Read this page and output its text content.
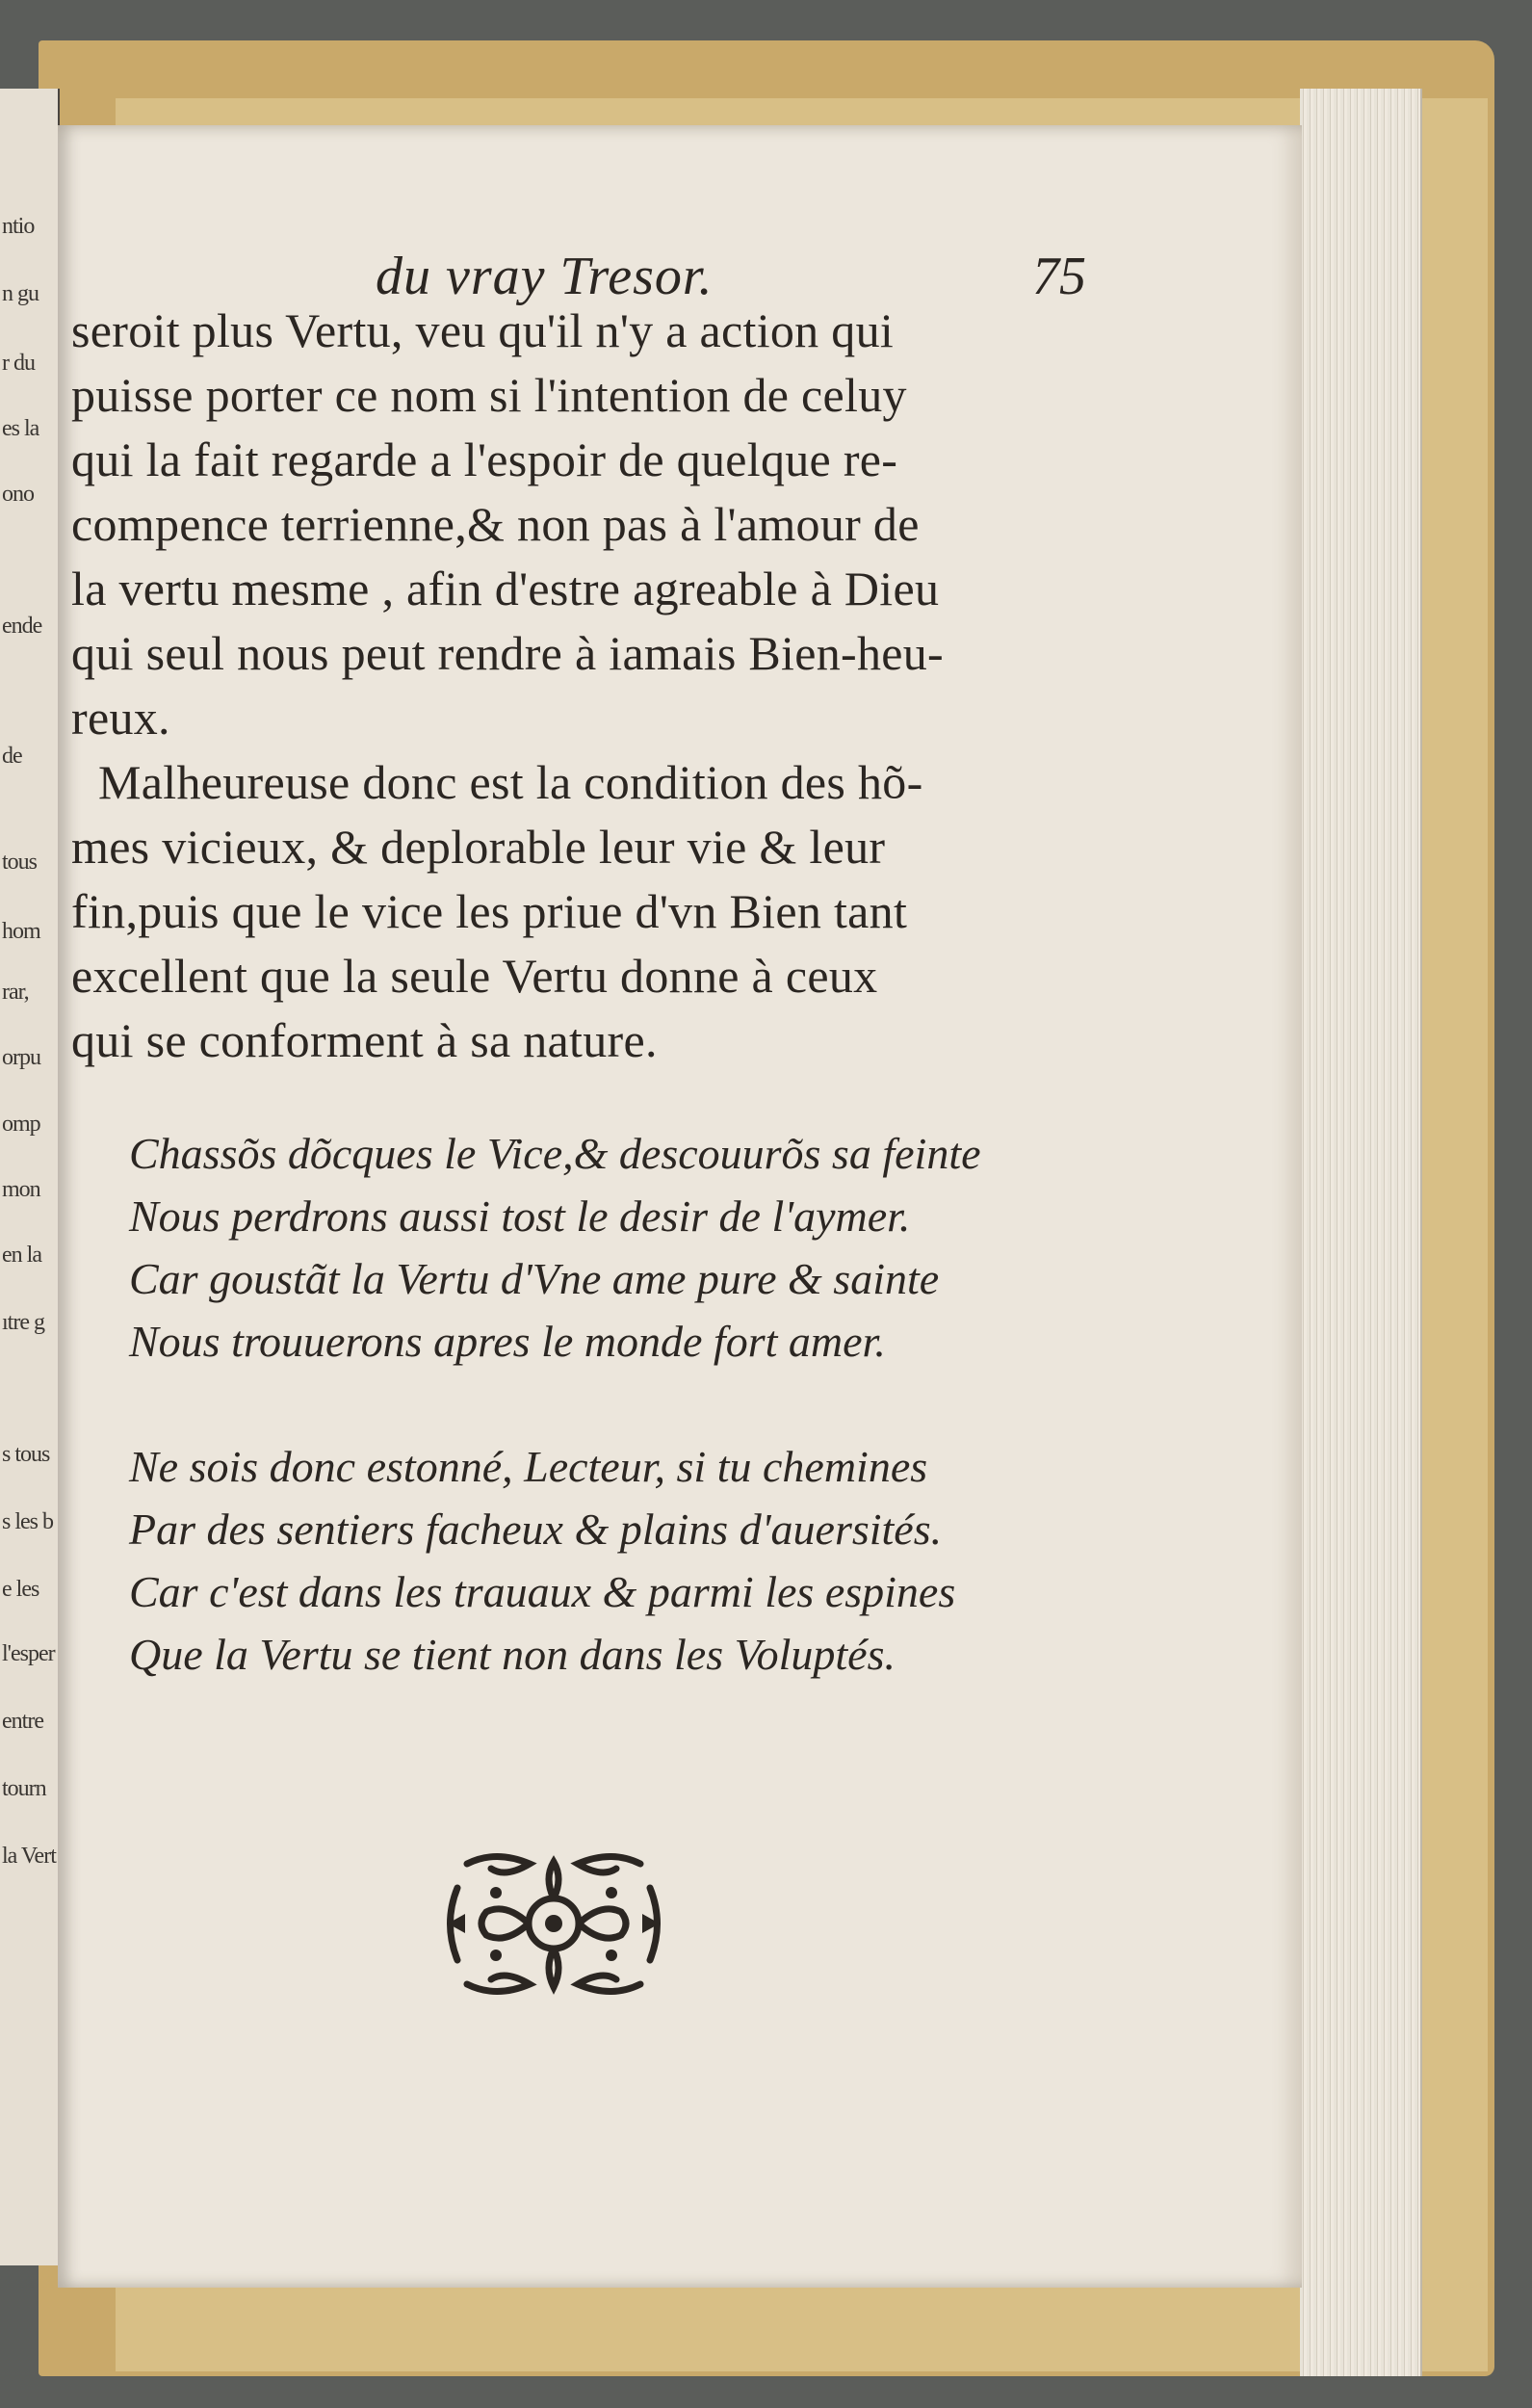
ntio
n gu
r du
es la
ono
ende
de
tous
hom
rar,
orpu
omp
mon
en la
ıtre g
s tous
s les b
e les
l'esper
entre
tourn
la Vert
du vray Tresor.	75
seroit plus Vertu, veu qu'il n'y a action qui
puisse porter ce nom si l'intention de celuy
qui la fait regarde a l'espoir de quelque re-
compence terrienne,& non pas à l'amour de
la vertu mesme , afin d'estre agreable à Dieu
qui seul nous peut rendre à iamais Bien-heu-
reux.
Malheureuse donc est la condition des hõ-
mes vicieux, & deplorable leur vie & leur
fin,puis que le vice les priue d'vn Bien tant
excellent que la seule Vertu donne à ceux
qui se conforment à sa nature.
Chassõs dõcques le Vice,& descouurõs sa feinte
Nous perdrons aussi tost le desir de l'aymer.
Car goustãt la Vertu d'Vne ame pure & sainte
Nous trouuerons apres le monde fort amer.
Ne sois donc estonné, Lecteur, si tu chemines
Par des sentiers facheux & plains d'auersités.
Car c'est dans les trauaux & parmi les espines
Que la Vertu se tient non dans les Voluptés.
